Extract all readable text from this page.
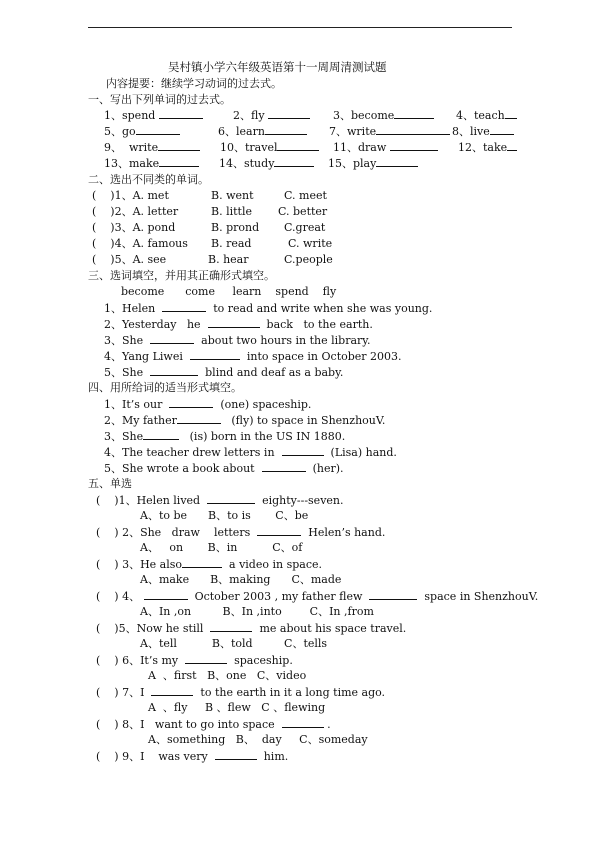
吴村镇小学六年级英语第十一周周清测试题
内容提要：继续学习动词的过去式。
一、写出下列单词的过去式。
1、spend	2、fly	3、become	4、teach
5、go	6、learn	7、write	8、live
9、  write	10、travel	11、draw	12、take
13、make	14、study	15、play
二、选出不同类的单词。
(    )1、A. met	B. went	C. meet
(    )2、A. letter	B. little C. better
(    )3、A. pond	B. prond C.great
(    )4、A. famous B. read	C. write
(    )5、A. see	B. hear	C.people
三、选词填空，并用其正确形式填空。
become      come     learn    spend    fly
1、Helen	to read and write when she was young.
2、Yesterday   he	back   to the earth.
3、She	about two hours in the library.
4、Yang Liwei	into space in October 2003.
5、She	blind and deaf as a baby.
四、用所给词的适当形式填空。
1、It’s our	(one) spaceship.
2、My father	(fly) to space in ShenzhouV.
3、She	(is) born in the US IN 1880.
4、The teacher drew letters in	(Lisa) hand.
5、She wrote a book about	(her).
五、单选
(    )1、Helen lived	eighty---seven.
A、to be      B、to is       C、be
(    ) 2、She   draw    letters	Helen’s hand.
A、   on       B、in          C、of
(    ) 3、He also	a video in space.
A、make      B、making      C、made
(    ) 4、	October 2003 , my father flew	space in ShenzhouV.
A、In ,on         B、In ,into        C、In ,from
(    )5、Now he still	me about his space travel.
A、tell          B、told         C、tells
(    ) 6、It’s my	spaceship.
A  、first   B、one   C、video
(    ) 7、I	to the earth in it a long time ago.
A  、fly     B 、flew   C 、flewing
(    ) 8、I   want to go into space	.
A、something   B、  day     C、someday
(    ) 9、I    was very	him.
